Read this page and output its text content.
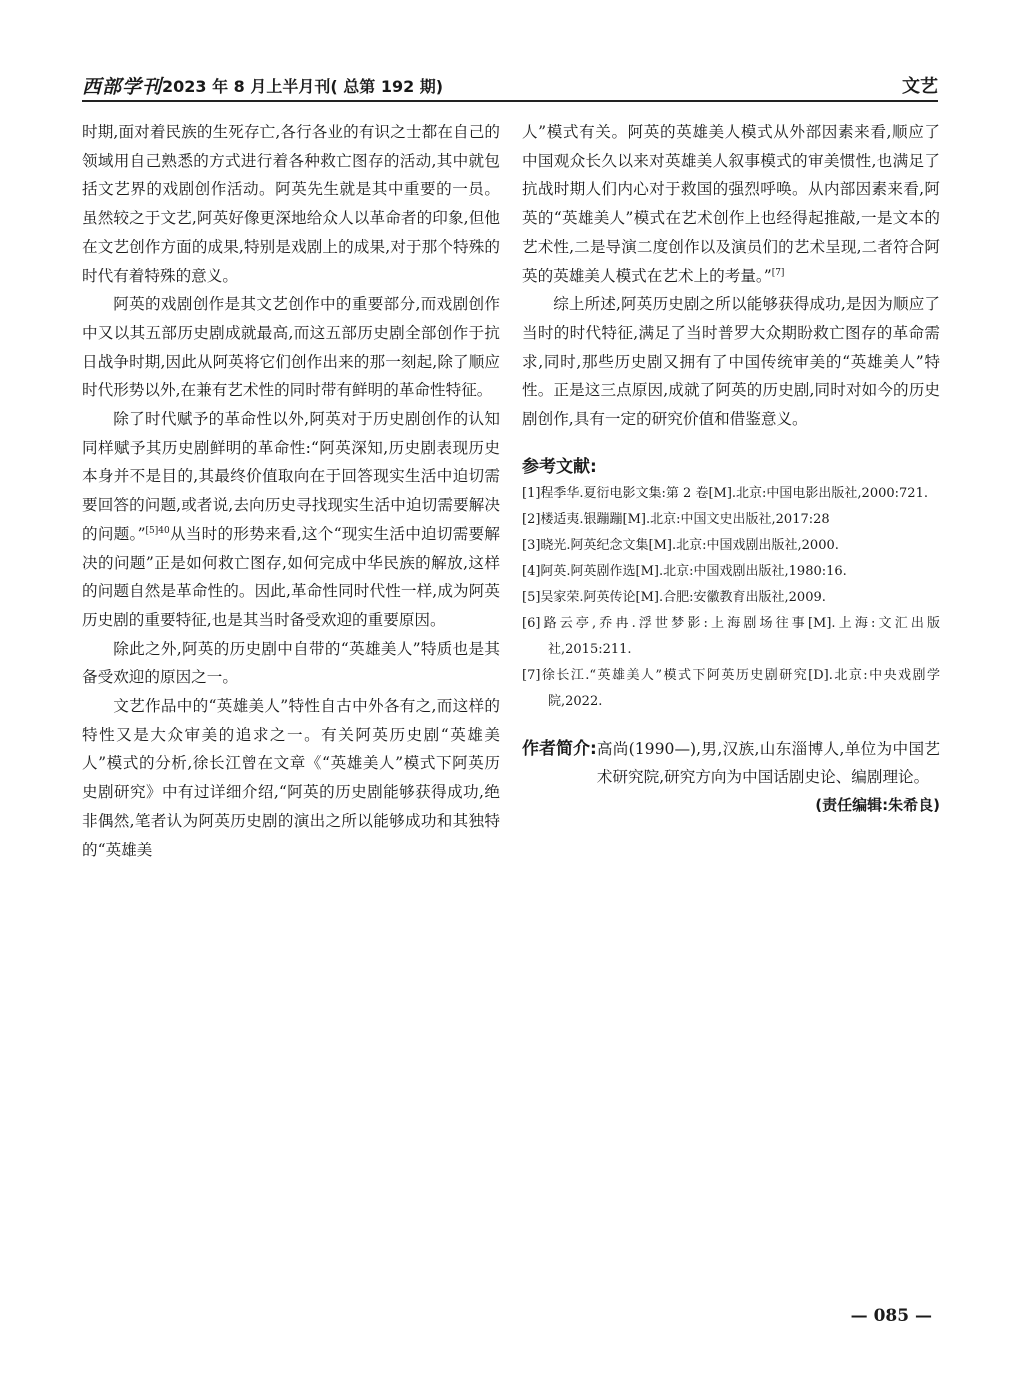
西部学刊 2023 年 8 月上半月刊( 总第 192 期)	文艺

时期,面对着民族的生死存亡,各行各业的有识之士都在自己的领域用自己熟悉的方式进行着各种救亡图存的活动,其中就包括文艺界的戏剧创作活动。阿英先生就是其中重要的一员。虽然较之于文艺,阿英好像更深地给众人以革命者的印象,但他在文艺创作方面的成果,特别是戏剧上的成果,对于那个特殊的时代有着特殊的意义。

阿英的戏剧创作是其文艺创作中的重要部分,而戏剧创作中又以其五部历史剧成就最高,而这五部历史剧全部创作于抗日战争时期,因此从阿英将它们创作出来的那一刻起,除了顺应时代形势以外,在兼有艺术性的同时带有鲜明的革命性特征。

除了时代赋予的革命性以外,阿英对于历史剧创作的认知同样赋予其历史剧鲜明的革命性:“阿英深知,历史剧表现历史本身并不是目的,其最终价值取向在于回答现实生活中迫切需要回答的问题,或者说,去向历史寻找现实生活中迫切需要解决的问题。”$^{[5]40}$从当时的形势来看,这个“现实生活中迫切需要解决的问题”正是如何救亡图存,如何完成中华民族的解放,这样的问题自然是革命性的。因此,革命性同时代性一样,成为阿英历史剧的重要特征,也是其当时备受欢迎的重要原因。

除此之外,阿英的历史剧中自带的“英雄美人”特质也是其备受欢迎的原因之一。

文艺作品中的“英雄美人”特性自古中外各有之,而这样的特性又是大众审美的追求之一。有关阿英历史剧“英雄美人”模式的分析,徐长江曾在文章《“英雄美人”模式下阿英历史剧研究》中有过详细介绍,“阿英的历史剧能够获得成功,绝非偶然,笔者认为阿英历史剧的演出之所以能够成功和其独特的“英雄美

人”模式有关。阿英的英雄美人模式从外部因素来看,顺应了中国观众长久以来对英雄美人叙事模式的审美惯性,也满足了抗战时期人们内心对于救国的强烈呼唤。从内部因素来看,阿英的“英雄美人”模式在艺术创作上也经得起推敲,一是文本的艺术性,二是导演二度创作以及演员们的艺术呈现,二者符合阿英的英雄美人模式在艺术上的考量。”[7]

综上所述,阿英历史剧之所以能够获得成功,是因为顺应了当时的时代特征,满足了当时普罗大众期盼救亡图存的革命需求,同时,那些历史剧又拥有了中国传统审美的“英雄美人”特性。正是这三点原因,成就了阿英的历史剧,同时对如今的历史剧创作,具有一定的研究价值和借鉴意义。

参考文献:
[1]程季华.夏衍电影文集:第 2 卷[M].北京:中国电影出版社,2000:721.
[2]楼适夷.银蹦蹦[M].北京:中国文史出版社,2017:28
[3]晓光.阿英纪念文集[M].北京:中国戏剧出版社,2000.
[4]阿英.阿英剧作选[M].北京:中国戏剧出版社,1980:16.
[5]吴家荣.阿英传论[M].合肥:安徽教育出版社,2009.
[6]路云亭,乔冉.浮世梦影:上海剧场往事[M].上海:文汇出版社,2015:211.
[7]徐长江.“英雄美人”模式下阿英历史剧研究[D].北京:中央戏剧学院,2022.
作者简介: 高尚(1990—),男,汉族,山东淄博人,单位为中国艺术研究院,研究方向为中国话剧史论、编剧理论。
(责任编辑:朱希良)
— 085 —
